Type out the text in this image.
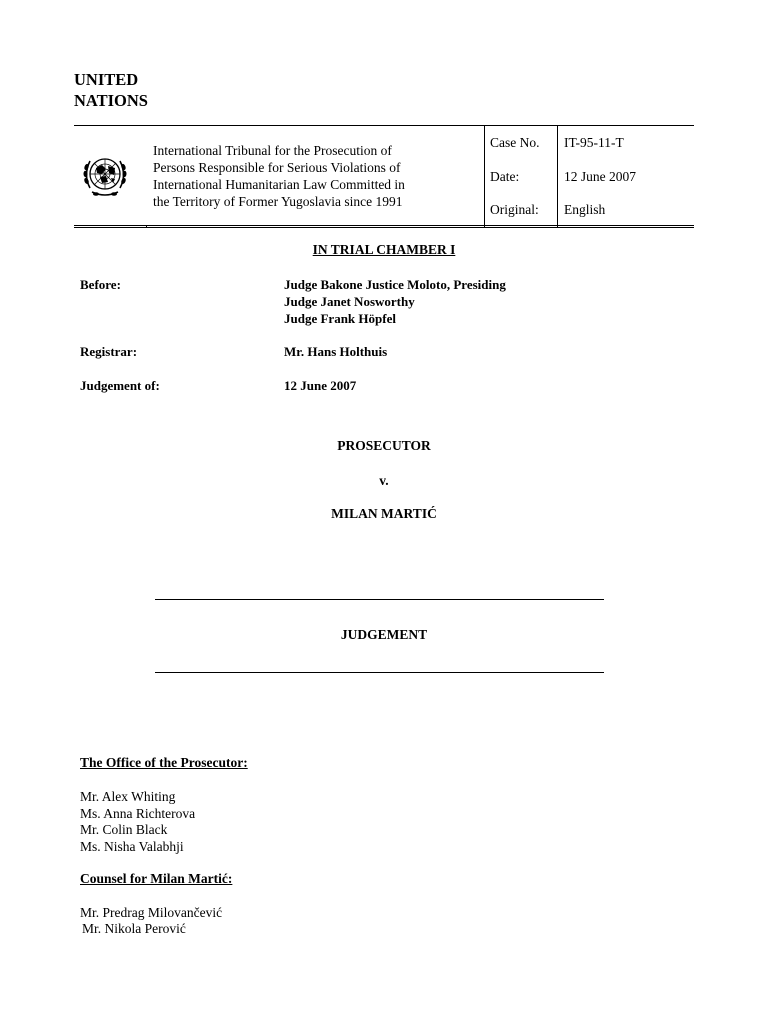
UNITED
NATIONS
International Tribunal for the Prosecution of
Persons Responsible for Serious Violations of
International Humanitarian Law Committed in
the Territory of Former Yugoslavia since 1991
Case No. IT-95-11-T
Date:	12 June 2007
Original: English
IN TRIAL CHAMBER I
Before:	Judge Bakone Justice Moloto, Presiding
Judge Janet Nosworthy
Judge Frank Höpfel
Registrar:	Mr. Hans Holthuis
Judgement of:	12 June 2007
PROSECUTOR
v.
MILAN MARTIĆ
JUDGEMENT
The Office of the Prosecutor:
Mr. Alex Whiting
Ms. Anna Richterova
Mr. Colin Black
Ms. Nisha Valabhji
Counsel for Milan Martić:
Mr. Predrag Milovančević
Mr. Nikola Perović
